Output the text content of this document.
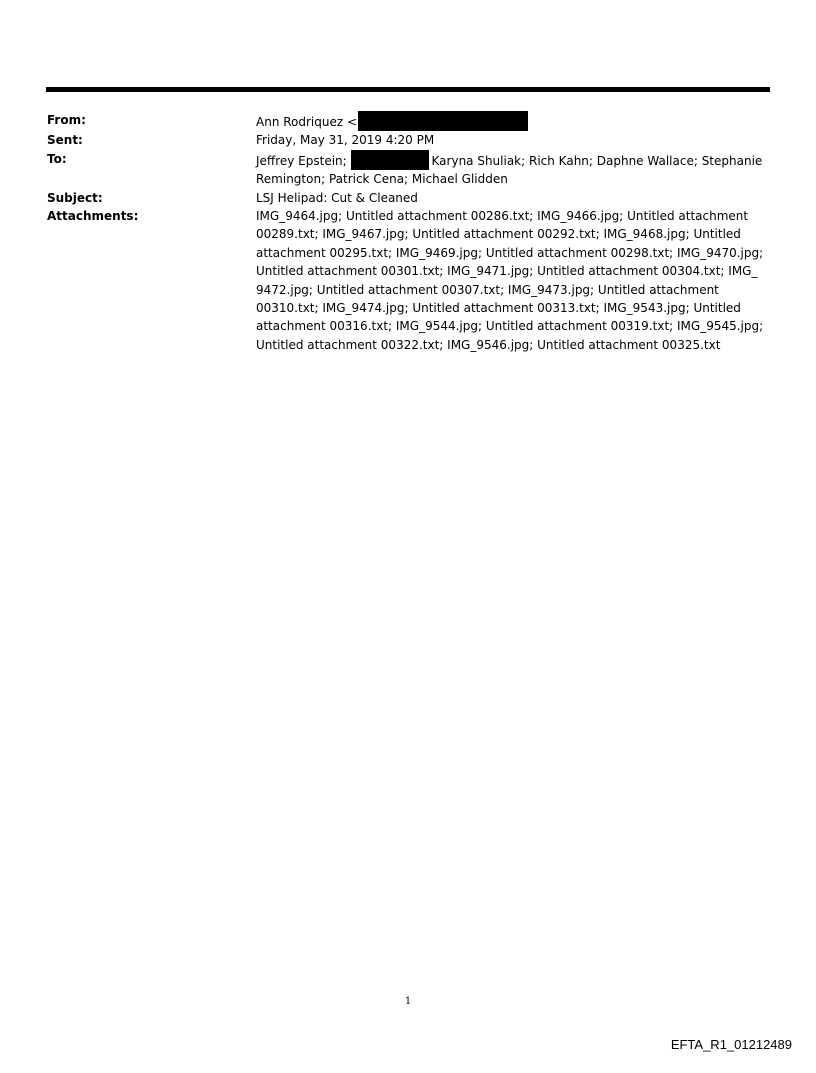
From:	Ann Rodriquez <
Sent:	Friday, May 31, 2019 4:20 PM
To:	Jeffrey Epstein;	Karyna Shuliak; Rich Kahn; Daphne Wallace; Stephanie Remington; Patrick Cena; Michael Glidden
Subject:	LSJ Helipad: Cut & Cleaned
Attachments:	IMG_9464.jpg; Untitled attachment 00286.txt; IMG_9466.jpg; Untitled attachment 00289.txt; IMG_9467.jpg; Untitled attachment 00292.txt; IMG_9468.jpg; Untitled attachment 00295.txt; IMG_9469.jpg; Untitled attachment 00298.txt; IMG_9470.jpg; Untitled attachment 00301.txt; IMG_9471.jpg; Untitled attachment 00304.txt; IMG_ 9472.jpg; Untitled attachment 00307.txt; IMG_9473.jpg; Untitled attachment 00310.txt; IMG_9474.jpg; Untitled attachment 00313.txt; IMG_9543.jpg; Untitled attachment 00316.txt; IMG_9544.jpg; Untitled attachment 00319.txt; IMG_9545.jpg; Untitled attachment 00322.txt; IMG_9546.jpg; Untitled attachment 00325.txt
1
EFTA_R1_01212489
